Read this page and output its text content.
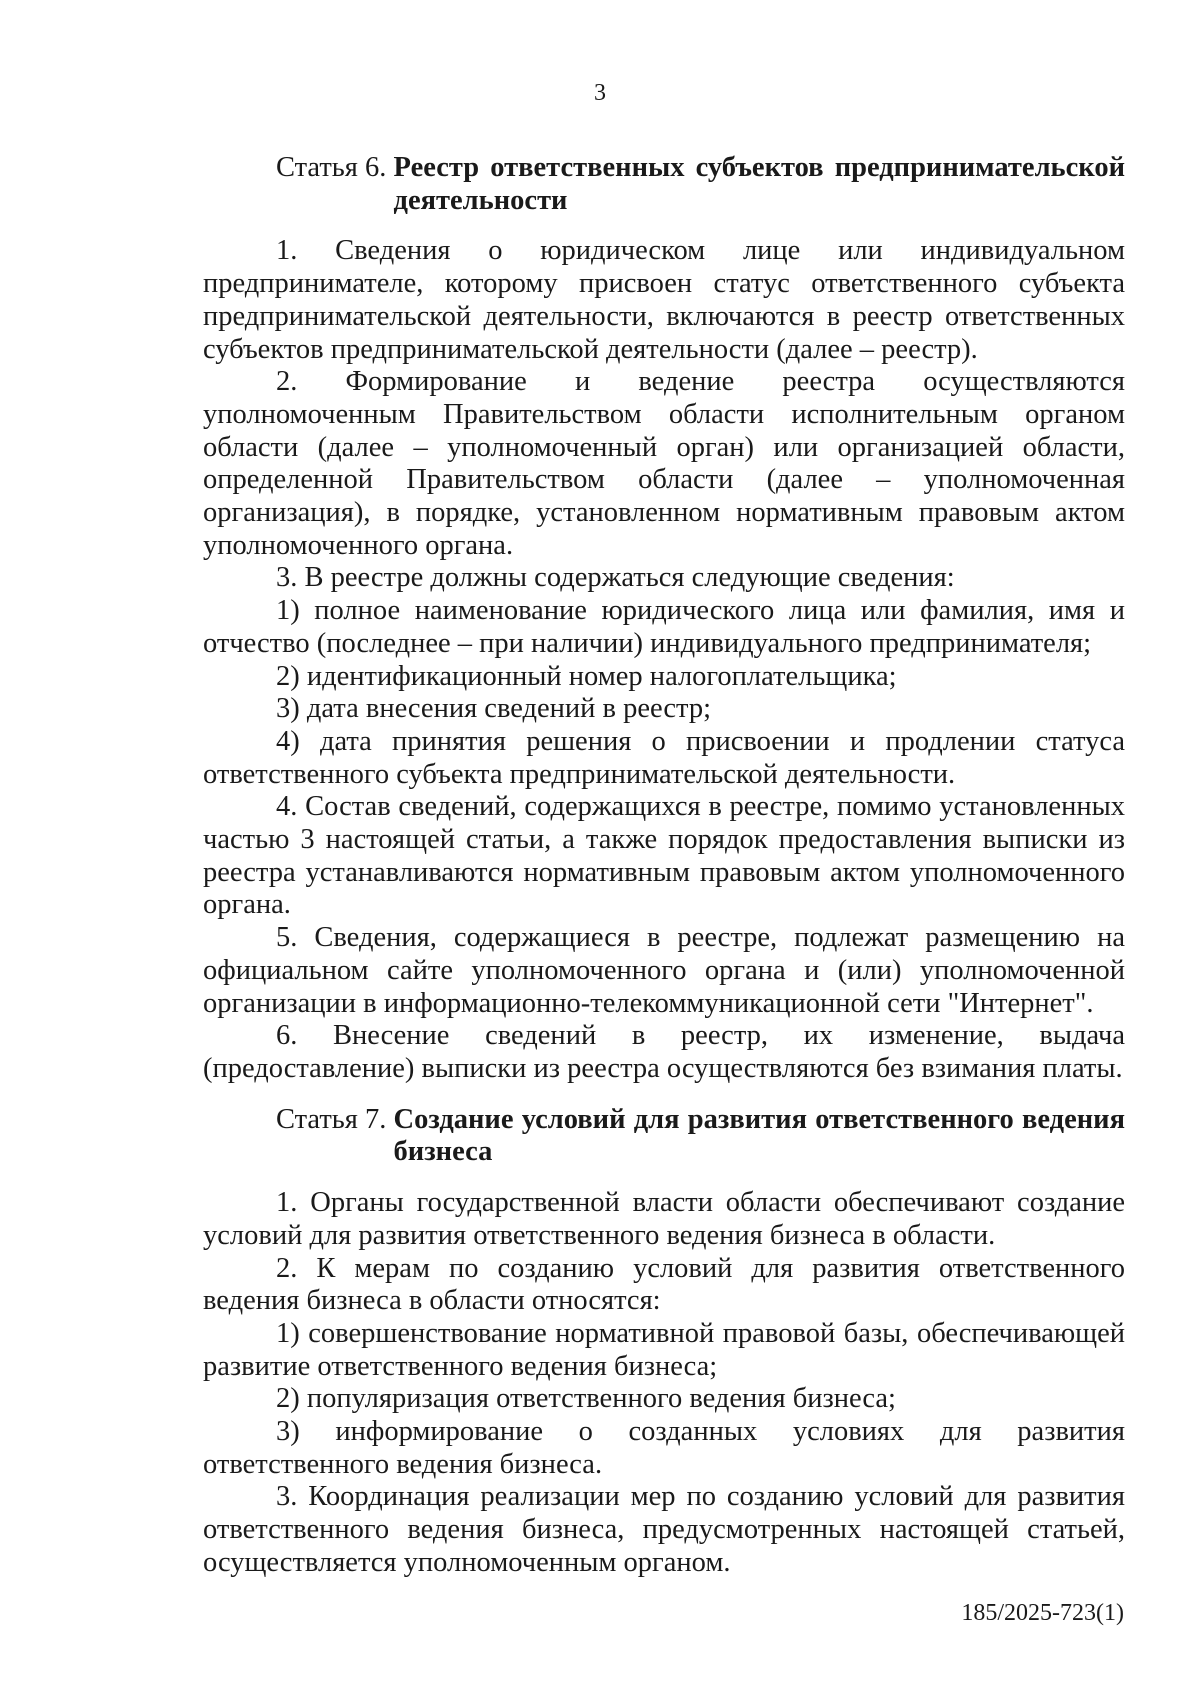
3
Статья 6. Реестр ответственных субъектов предпринимательской деятельности

1. Сведения о юридическом лице или индивидуальном предпринимателе, которому присвоен статус ответственного субъекта предпринимательской деятельности, включаются в реестр ответственных субъектов предпринимательской деятельности (далее – реестр).

2. Формирование и ведение реестра осуществляются уполномоченным Правительством области исполнительным органом области (далее – уполномоченный орган) или организацией области, определенной Правительством области (далее – уполномоченная организация), в порядке, установленном нормативным правовым актом уполномоченного органа.

3. В реестре должны содержаться следующие сведения:

1) полное наименование юридического лица или фамилия, имя и отчество (последнее – при наличии) индивидуального предпринимателя;

2) идентификационный номер налогоплательщика;

3) дата внесения сведений в реестр;

4) дата принятия решения о присвоении и продлении статуса ответственного субъекта предпринимательской деятельности.

4. Состав сведений, содержащихся в реестре, помимо установленных частью 3 настоящей статьи, а также порядок предоставления выписки из реестра устанавливаются нормативным правовым актом уполномоченного органа.

5. Сведения, содержащиеся в реестре, подлежат размещению на официальном сайте уполномоченного органа и (или) уполномоченной организации в информационно-телекоммуникационной сети "Интернет".

6. Внесение сведений в реестр, их изменение, выдача (предоставление) выписки из реестра осуществляются без взимания платы.

Статья 7. Создание условий для развития ответственного ведения бизнеса

1. Органы государственной власти области обеспечивают создание условий для развития ответственного ведения бизнеса в области.

2. К мерам по созданию условий для развития ответственного ведения бизнеса в области относятся:

1) совершенствование нормативной правовой базы, обеспечивающей развитие ответственного ведения бизнеса;

2) популяризация ответственного ведения бизнеса;

3) информирование о созданных условиях для развития ответственного ведения бизнеса.

3. Координация реализации мер по созданию условий для развития ответственного ведения бизнеса, предусмотренных настоящей статьей, осуществляется уполномоченным органом.

185/2025-723(1)
